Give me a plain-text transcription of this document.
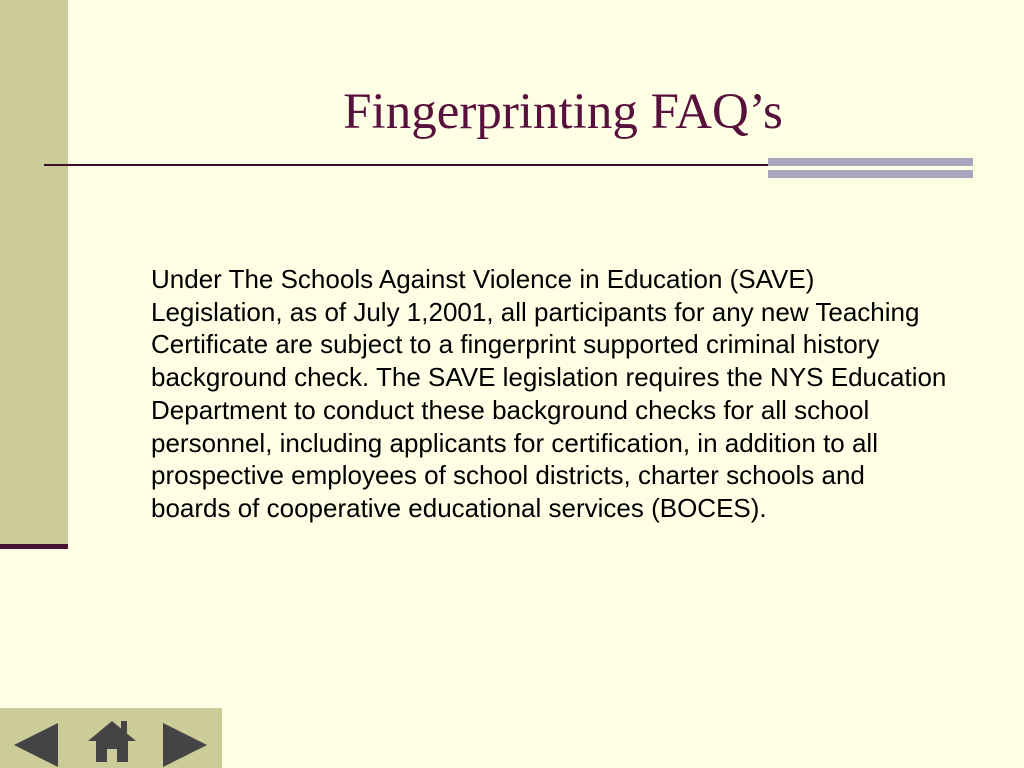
Fingerprinting FAQ’s

Under The Schools Against Violence in Education (SAVE) Legislation, as of July 1,2001, all participants for any new Teaching Certificate are subject to a fingerprint supported criminal history background check. The SAVE legislation requires the NYS Education Department to conduct these background checks for all school personnel, including applicants for certification, in addition to all prospective employees of school districts, charter schools and boards of cooperative educational services (BOCES).
